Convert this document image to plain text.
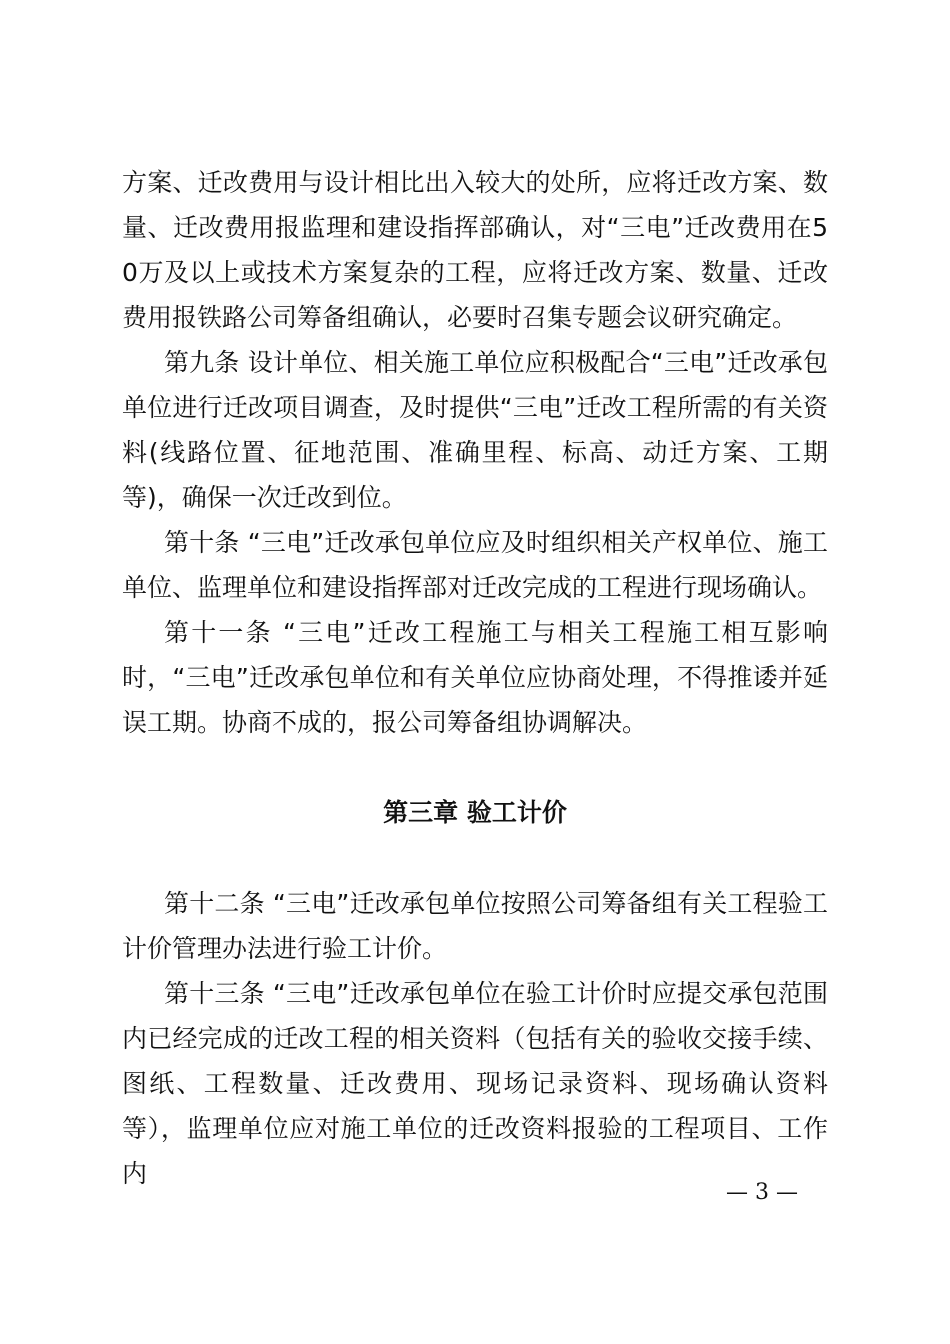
方案、迁改费用与设计相比出入较大的处所，应将迁改方案、数量、迁改费用报监理和建设指挥部确认，对“三电”迁改费用在50万及以上或技术方案复杂的工程，应将迁改方案、数量、迁改费用报铁路公司筹备组确认，必要时召集专题会议研究确定。

第九条 设计单位、相关施工单位应积极配合“三电”迁改承包单位进行迁改项目调查，及时提供“三电”迁改工程所需的有关资料(线路位置、征地范围、准确里程、标高、动迁方案、工期等)，确保一次迁改到位。

第十条 “三电”迁改承包单位应及时组织相关产权单位、施工单位、监理单位和建设指挥部对迁改完成的工程进行现场确认。

第十一条 “三电”迁改工程施工与相关工程施工相互影响时，“三电”迁改承包单位和有关单位应协商处理，不得推诿并延误工期。协商不成的，报公司筹备组协调解决。

第三章 验工计价

第十二条 “三电”迁改承包单位按照公司筹备组有关工程验工计价管理办法进行验工计价。

第十三条 “三电”迁改承包单位在验工计价时应提交承包范围内已经完成的迁改工程的相关资料（包括有关的验收交接手续、图纸、工程数量、迁改费用、现场记录资料、现场确认资料等），监理单位应对施工单位的迁改资料报验的工程项目、工作内

— 3 —
